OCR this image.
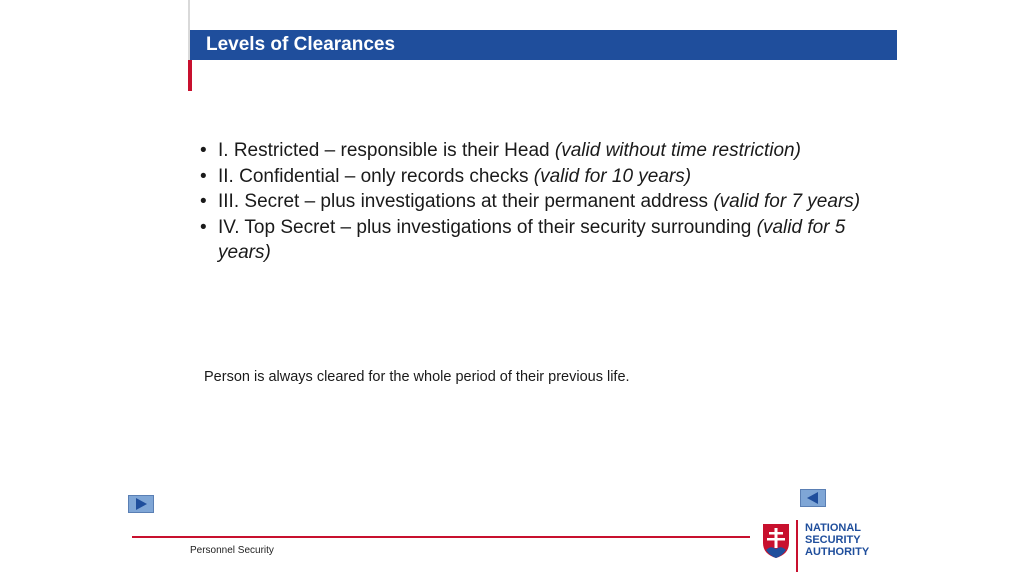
Levels of Clearances
• I. Restricted – responsible is their Head (valid without time restriction)
• II. Confidential – only records checks (valid for 10 years)
• III. Secret – plus investigations at their permanent address (valid for 7 years)
• IV. Top Secret – plus investigations of their security surrounding (valid for 5 years)
Person is always cleared for the whole period of their previous life.
Personnel Security
NATIONAL
SECURITY
AUTHORITY
